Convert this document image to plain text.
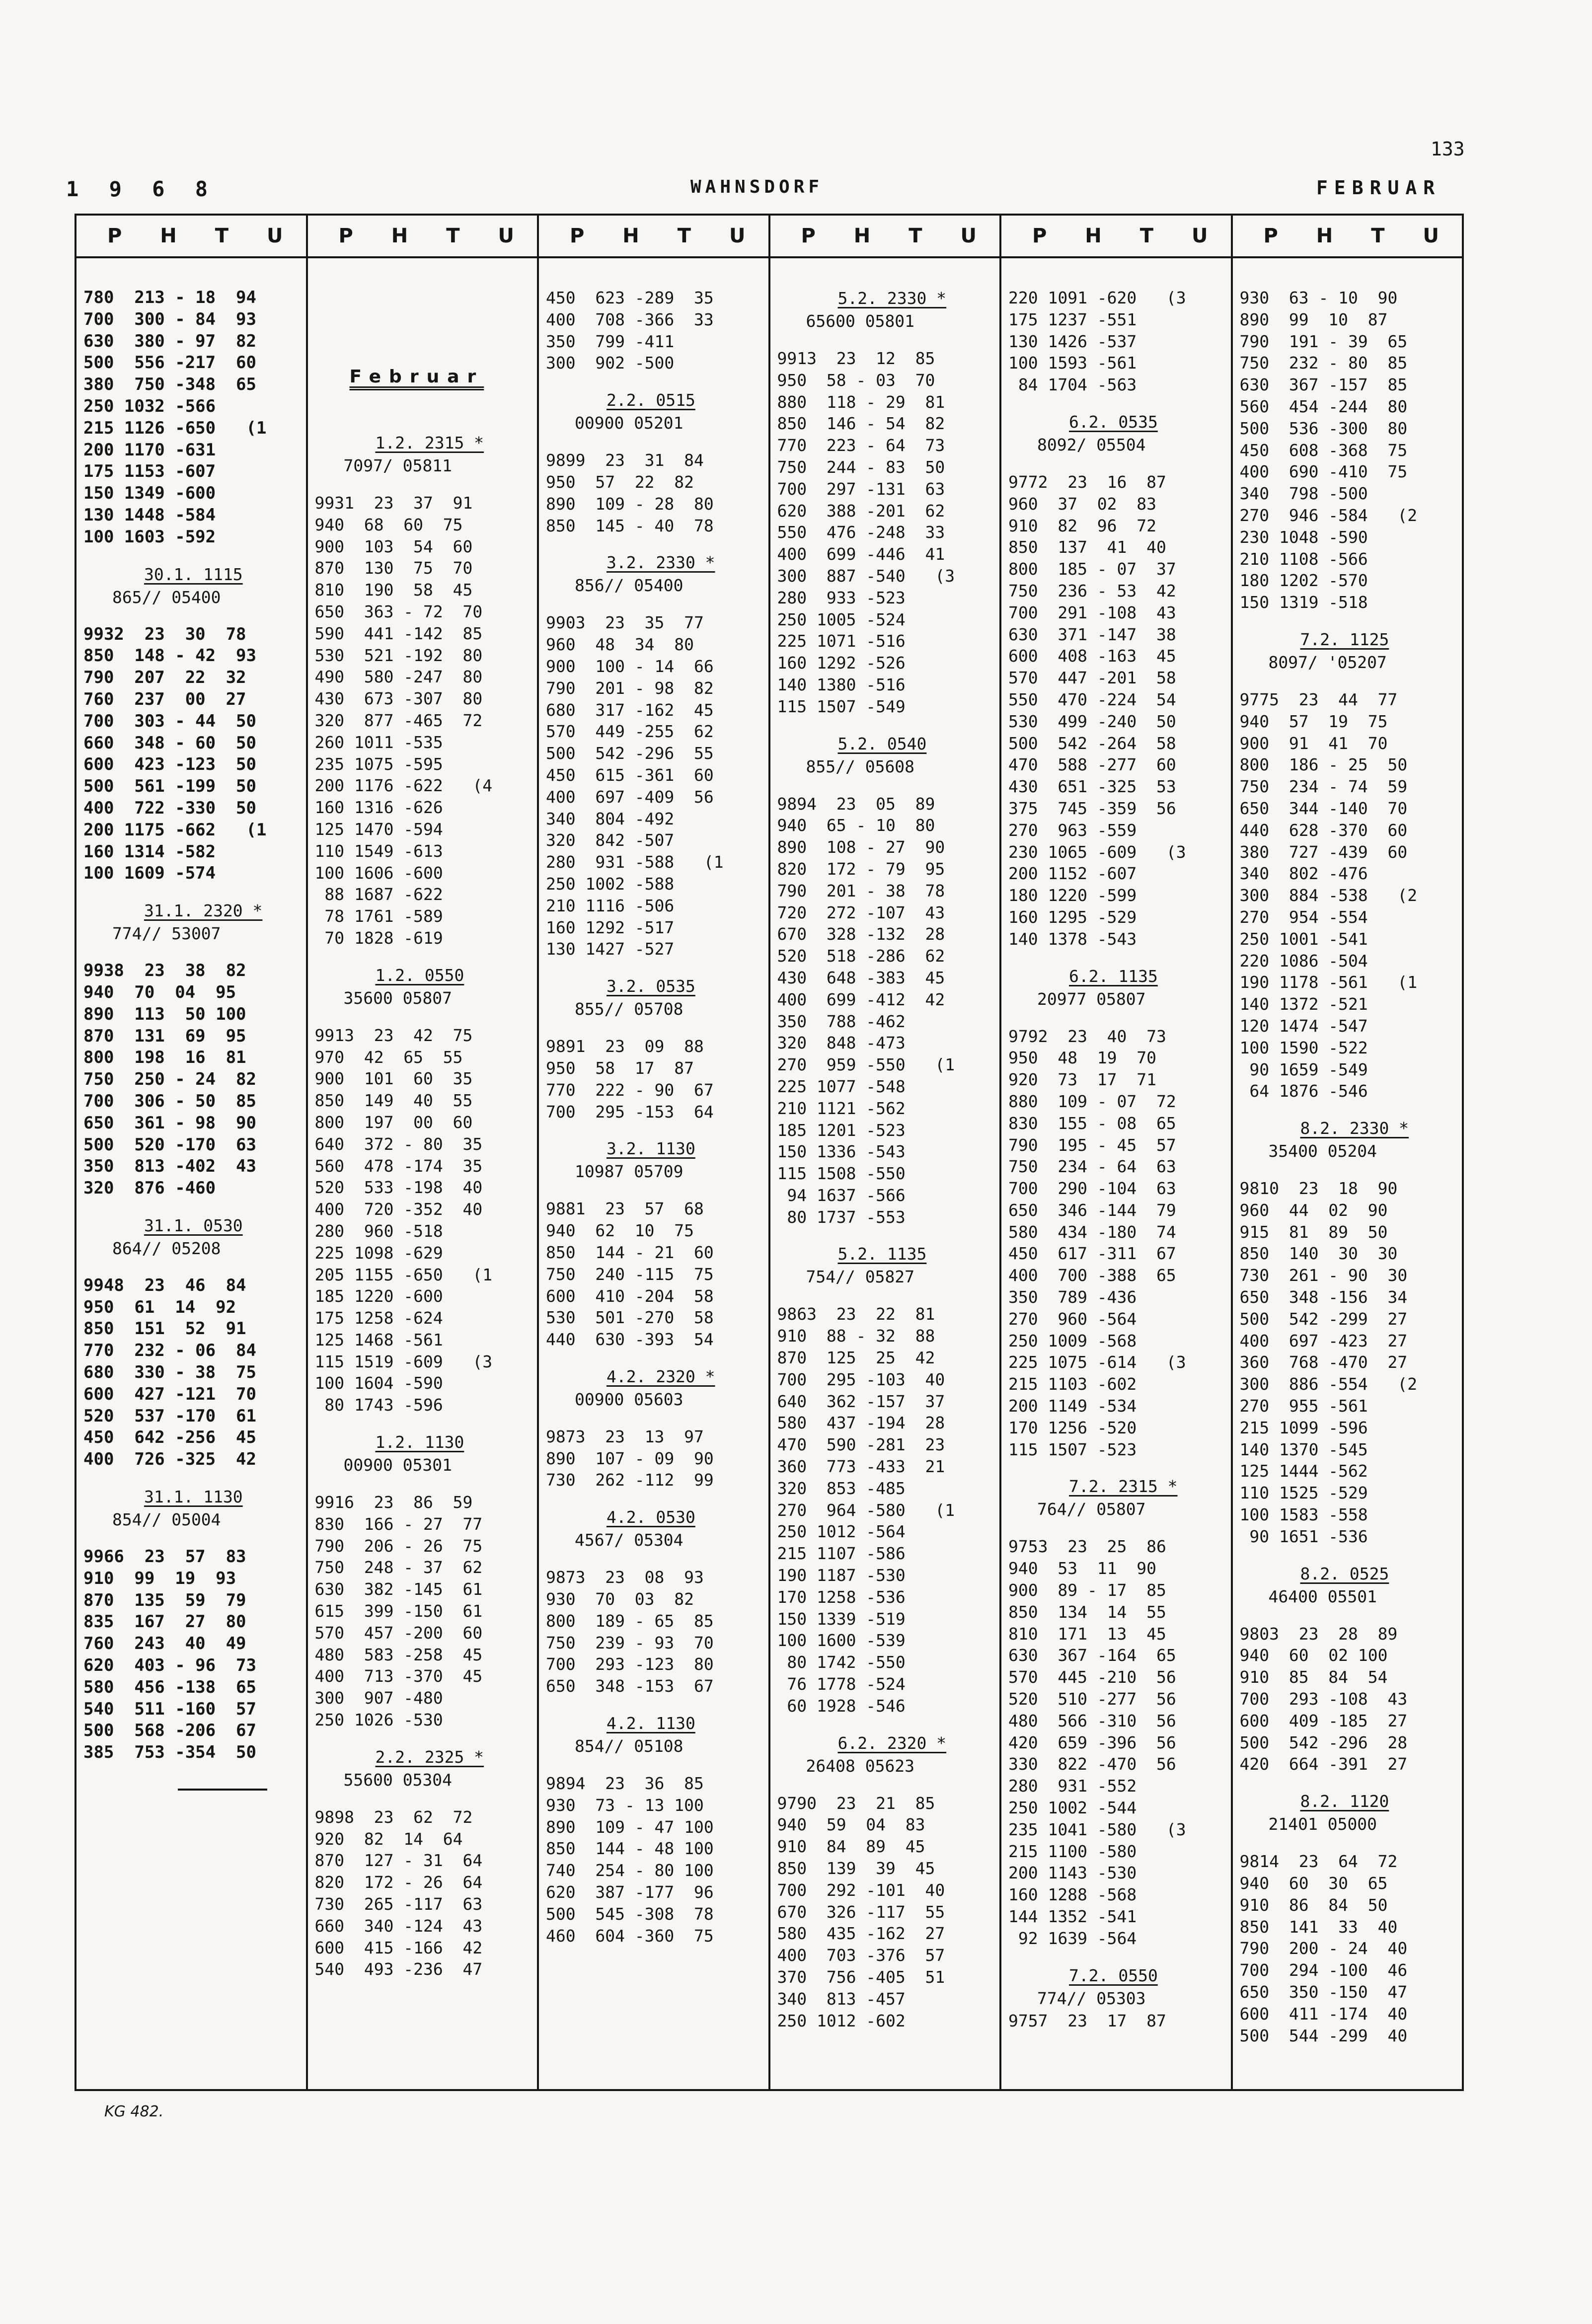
133
1 9 6 8	WAHNSDORF	FEBRUAR
P H T U
780  213 - 18  94
700  300 - 84  93
630  380 - 97  82
500  556 -217  60
380  750 -348  65
250 1032 -566
215 1126 -650   (1
200 1170 -631
175 1153 -607
150 1349 -600
130 1448 -584
100 1603 -592
30.1. 1115
865// 05400
9932  23  30  78
850  148 - 42  93
790  207  22  32
760  237  00  27
700  303 - 44  50
660  348 - 60  50
600  423 -123  50
500  561 -199  50
400  722 -330  50
200 1175 -662   (1
160 1314 -582
100 1609 -574
31.1. 2320 *
774// 53007
9938  23  38  82
940  70  04  95
890  113  50 100
870  131  69  95
800  198  16  81
750  250 - 24  82
700  306 - 50  85
650  361 - 98  90
500  520 -170  63
350  813 -402  43
320  876 -460
31.1. 0530
864// 05208
9948  23  46  84
950  61  14  92
850  151  52  91
770  232 - 06  84
680  330 - 38  75
600  427 -121  70
520  537 -170  61
450  642 -256  45
400  726 -325  42
31.1. 1130
854// 05004
9966  23  57  83
910  99  19  93
870  135  59  79
835  167  27  80
760  243  40  49
620  403 - 96  73
580  456 -138  65
540  511 -160  57
500  568 -206  67
385  753 -354  50
P H T U
Februar
1.2. 2315 *
7097/ 05811
9931  23  37  91
940  68  60  75
900  103  54  60
870  130  75  70
810  190  58  45
650  363 - 72  70
590  441 -142  85
530  521 -192  80
490  580 -247  80
430  673 -307  80
320  877 -465  72
260 1011 -535
235 1075 -595
200 1176 -622   (4
160 1316 -626
125 1470 -594
110 1549 -613
100 1606 -600
88 1687 -622
78 1761 -589
70 1828 -619
1.2. 0550
35600 05807
9913  23  42  75
970  42  65  55
900  101  60  35
850  149  40  55
800  197  00  60
640  372 - 80  35
560  478 -174  35
520  533 -198  40
400  720 -352  40
280  960 -518
225 1098 -629
205 1155 -650   (1
185 1220 -600
175 1258 -624
125 1468 -561
115 1519 -609   (3
100 1604 -590
80 1743 -596
1.2. 1130
00900 05301
9916  23  86  59
830  166 - 27  77
790  206 - 26  75
750  248 - 37  62
630  382 -145  61
615  399 -150  61
570  457 -200  60
480  583 -258  45
400  713 -370  45
300  907 -480
250 1026 -530
2.2. 2325 *
55600 05304
9898  23  62  72
920  82  14  64
870  127 - 31  64
820  172 - 26  64
730  265 -117  63
660  340 -124  43
600  415 -166  42
540  493 -236  47
P H T U
450  623 -289  35
400  708 -366  33
350  799 -411
300  902 -500
2.2. 0515
00900 05201
9899  23  31  84
950  57  22  82
890  109 - 28  80
850  145 - 40  78
3.2. 2330 *
856// 05400
9903  23  35  77
960  48  34  80
900  100 - 14  66
790  201 - 98  82
680  317 -162  45
570  449 -255  62
500  542 -296  55
450  615 -361  60
400  697 -409  56
340  804 -492
320  842 -507
280  931 -588   (1
250 1002 -588
210 1116 -506
160 1292 -517
130 1427 -527
3.2. 0535
855// 05708
9891  23  09  88
950  58  17  87
770  222 - 90  67
700  295 -153  64
3.2. 1130
10987 05709
9881  23  57  68
940  62  10  75
850  144 - 21  60
750  240 -115  75
600  410 -204  58
530  501 -270  58
440  630 -393  54
4.2. 2320 *
00900 05603
9873  23  13  97
890  107 - 09  90
730  262 -112  99
4.2. 0530
4567/ 05304
9873  23  08  93
930  70  03  82
800  189 - 65  85
750  239 - 93  70
700  293 -123  80
650  348 -153  67
4.2. 1130
854// 05108
9894  23  36  85
930  73 - 13 100
890  109 - 47 100
850  144 - 48 100
740  254 - 80 100
620  387 -177  96
500  545 -308  78
460  604 -360  75
P H T U
5.2. 2330 *
65600 05801
9913  23  12  85
950  58 - 03  70
880  118 - 29  81
850  146 - 54  82
770  223 - 64  73
750  244 - 83  50
700  297 -131  63
620  388 -201  62
550  476 -248  33
400  699 -446  41
300  887 -540   (3
280  933 -523
250 1005 -524
225 1071 -516
160 1292 -526
140 1380 -516
115 1507 -549
5.2. 0540
855// 05608
9894  23  05  89
940  65 - 10  80
890  108 - 27  90
820  172 - 79  95
790  201 - 38  78
720  272 -107  43
670  328 -132  28
520  518 -286  62
430  648 -383  45
400  699 -412  42
350  788 -462
320  848 -473
270  959 -550   (1
225 1077 -548
210 1121 -562
185 1201 -523
150 1336 -543
115 1508 -550
94 1637 -566
80 1737 -553
5.2. 1135
754// 05827
9863  23  22  81
910  88 - 32  88
870  125  25  42
700  295 -103  40
640  362 -157  37
580  437 -194  28
470  590 -281  23
360  773 -433  21
320  853 -485
270  964 -580   (1
250 1012 -564
215 1107 -586
190 1187 -530
170 1258 -536
150 1339 -519
100 1600 -539
80 1742 -550
76 1778 -524
60 1928 -546
6.2. 2320 *
26408 05623
9790  23  21  85
940  59  04  83
910  84  89  45
850  139  39  45
700  292 -101  40
670  326 -117  55
580  435 -162  27
400  703 -376  57
370  756 -405  51
340  813 -457
250 1012 -602
P H T U
220 1091 -620   (3
175 1237 -551
130 1426 -537
100 1593 -561
84 1704 -563
6.2. 0535
8092/ 05504
9772  23  16  87
960  37  02  83
910  82  96  72
850  137  41  40
800  185 - 07  37
750  236 - 53  42
700  291 -108  43
630  371 -147  38
600  408 -163  45
570  447 -201  58
550  470 -224  54
530  499 -240  50
500  542 -264  58
470  588 -277  60
430  651 -325  53
375  745 -359  56
270  963 -559
230 1065 -609   (3
200 1152 -607
180 1220 -599
160 1295 -529
140 1378 -543
6.2. 1135
20977 05807
9792  23  40  73
950  48  19  70
920  73  17  71
880  109 - 07  72
830  155 - 08  65
790  195 - 45  57
750  234 - 64  63
700  290 -104  63
650  346 -144  79
580  434 -180  74
450  617 -311  67
400  700 -388  65
350  789 -436
270  960 -564
250 1009 -568
225 1075 -614   (3
215 1103 -602
200 1149 -534
170 1256 -520
115 1507 -523
7.2. 2315 *
764// 05807
9753  23  25  86
940  53  11  90
900  89 - 17  85
850  134  14  55
810  171  13  45
630  367 -164  65
570  445 -210  56
520  510 -277  56
480  566 -310  56
420  659 -396  56
330  822 -470  56
280  931 -552
250 1002 -544
235 1041 -580   (3
215 1100 -580
200 1143 -530
160 1288 -568
144 1352 -541
92 1639 -564
7.2. 0550
774// 05303
9757  23  17  87
P H T U
930  63 - 10  90
890  99  10  87
790  191 - 39  65
750  232 - 80  85
630  367 -157  85
560  454 -244  80
500  536 -300  80
450  608 -368  75
400  690 -410  75
340  798 -500
270  946 -584   (2
230 1048 -590
210 1108 -566
180 1202 -570
150 1319 -518
7.2. 1125
8097/ '05207
9775  23  44  77
940  57  19  75
900  91  41  70
800  186 - 25  50
750  234 - 74  59
650  344 -140  70
440  628 -370  60
380  727 -439  60
340  802 -476
300  884 -538   (2
270  954 -554
250 1001 -541
220 1086 -504
190 1178 -561   (1
140 1372 -521
120 1474 -547
100 1590 -522
90 1659 -549
64 1876 -546
8.2. 2330 *
35400 05204
9810  23  18  90
960  44  02  90
915  81  89  50
850  140  30  30
730  261 - 90  30
650  348 -156  34
500  542 -299  27
400  697 -423  27
360  768 -470  27
300  886 -554   (2
270  955 -561
215 1099 -596
140 1370 -545
125 1444 -562
110 1525 -529
100 1583 -558
90 1651 -536
8.2. 0525
46400 05501
9803  23  28  89
940  60  02 100
910  85  84  54
700  293 -108  43
600  409 -185  27
500  542 -296  28
420  664 -391  27
8.2. 1120
21401 05000
9814  23  64  72
940  60  30  65
910  86  84  50
850  141  33  40
790  200 - 24  40
700  294 -100  46
650  350 -150  47
600  411 -174  40
500  544 -299  40
KG 482.
